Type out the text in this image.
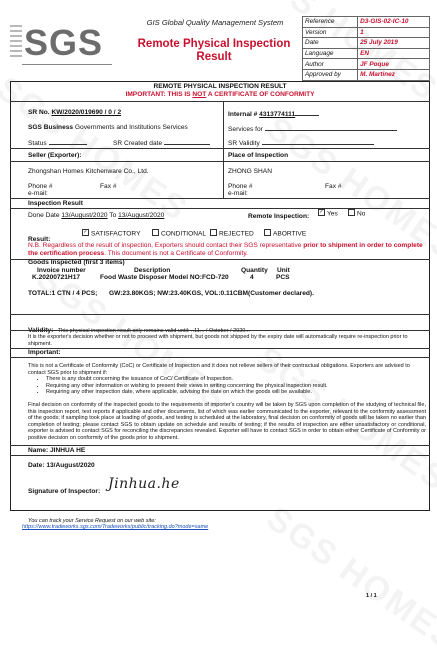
SGS	GIS Global Quality Management System
Remote Physical Inspection
Result
Reference	D3-GIS-02-IC-10
Version	1
Date	25 July 2019
Language	EN
Author	JF Poque
Approved by	M. Martinez
REMOTE PHYSICAL INSPECTION RESULT
IMPORTANT: THIS IS NOT A CERTIFICATE OF CONFORMITY
SR No. KW/2020/019690 / 0 / 2	Internal # 4313774111
SGS Business Governments and Institutions Services	Services for
Status	SR Created date	SR Validity
Seller (Exporter):
Zhongshan Homes Kitchenware Co., Ltd.
Phone #	Fax #
e-mail:
Place of Inspection
ZHONG SHAN
Phone #	Fax #
e-mail:
Inspection Result
Done Date 13/August/2020 To 13/August/2020	Remote Inspection:
✓ Yes	No
✓ SATISFACTORY	CONDITIONAL	REJECTED	ABORTIVE
Result:
N.B. Regardless of the result of inspection, Exporters should contact their SGS representative prior to shipment in order to complete the certification process. This document is not a Certificate of Conformity.
Goods Inspected (first 3 items)
Invoice number	Description	Quantity Unit
K.20200721H17	Food Waste Disposer Model NO:FCD-720	4	PCS
TOTAL:1 CTN / 4 PCS; GW:23.80KGS; NW:23.40KGS, VOL:0.11CBM(Customer declared).
Validity: This physical inspection result only remains valid until: ..11... / October / 2020...
It is the exporter's decision whether or not to proceed with shipment, but goods not shipped by the expiry date will automatically require re-inspection prior to shipment.
Important:
This is not a Certificate of Conformity (CoC) or Certificate of Inspection and it does not relieve sellers of their contractual obligations. Exporters are advised to contact SGS prior to shipment if:
• There is any doubt concerning the issuance of CoC/ Certificate of Inspection.
• Requiring any other information or wishing to present their views in writing concerning the physical inspection result.
• Requiring any other inspection date, where applicable, advising the date on which the goods will be available.
Final decision on conformity of the inspected goods to the requirements of importer's country will be taken by SGS upon completion of the studying of technical file, this inspection report, test reports if applicable and other documents, list of which was earlier communicated to the exporter, relevant to the conformity assessment of the goods; if sampling took place at loading of goods, and testing is scheduled at the laboratory, final decision on conformity of goods will be taken no earlier than completion of testing; please contact SGS to obtain update on schedule and results of testing; if the results of inspection are either unsatisfactory or conditional, exporter is advised to contact SGS for reconciling the discrepancies revealed. Exporter will have to contact SGS in order to obtain either Certificate of Conformity or positive decision on conformity of the goods prior to shipment.
Name: JINHUA HE
Date: 13/August/2020
Signature of Inspector: Jinhua.he
You can track your Service Request on our web site:
https://www.tradeworks.sgs.com/Tradeworks/public/tracking.do?mode=same
1 / 1
